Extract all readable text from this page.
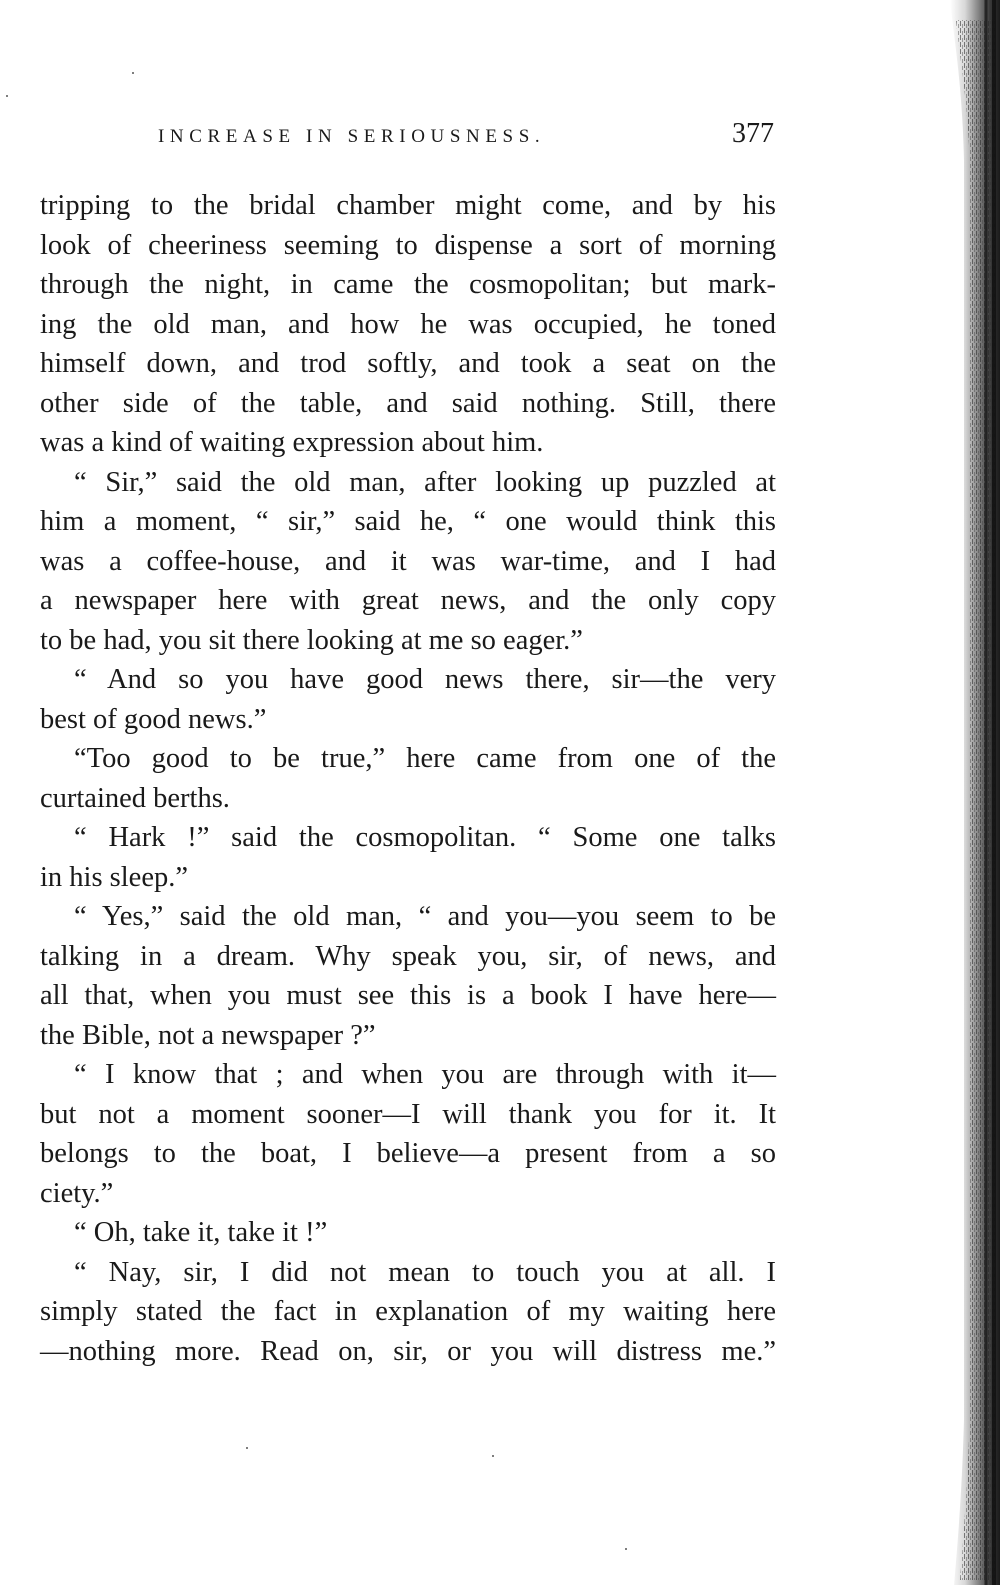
INCREASE IN SERIOUSNESS.	377
tripping to the bridal chamber might come, and by his
look of cheeriness seeming to dispense a sort of morning
through the night, in came the cosmopolitan; but mark-
ing the old man, and how he was occupied, he toned
himself down, and trod softly, and took a seat on the
other side of the table, and said nothing. Still, there
was a kind of waiting expression about him.
“ Sir,” said the old man, after looking up puzzled at
him a moment, “ sir,” said he, “ one would think this
was a coffee-house, and it was war-time, and I had
a newspaper here with great news, and the only copy
to be had, you sit there looking at me so eager.”
“ And so you have good news there, sir—the very
best of good news.”
“Too good to be true,” here came from one of the
curtained berths.
“ Hark !” said the cosmopolitan. “ Some one talks
in his sleep.”
“ Yes,” said the old man, “ and you—you seem to be
talking in a dream. Why speak you, sir, of news, and
all that, when you must see this is a book I have here—
the Bible, not a newspaper ?”
“ I know that ; and when you are through with it—
but not a moment sooner—I will thank you for it. It
belongs to the boat, I believe—a present from a so
ciety.”
“ Oh, take it, take it !”
“ Nay, sir, I did not mean to touch you at all. I
simply stated the fact in explanation of my waiting here
—nothing more. Read on, sir, or you will distress me.”
